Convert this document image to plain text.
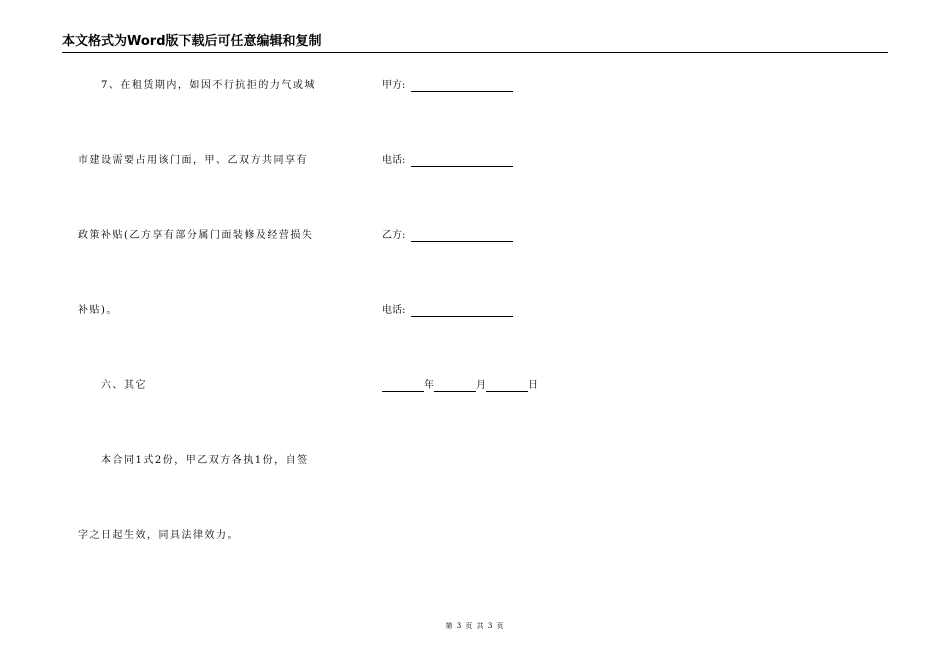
本文格式为Word版下载后可任意编辑和复制
7、在租赁期内，如因不行抗拒的力气或城
市建设需要占用该门面，甲、乙双方共同享有
政策补贴(乙方享有部分属门面装修及经营损失
补贴)。
六、其它
本合同1式2份，甲乙双方各执1份，自签
字之日起生效，同具法律效力。
甲方:
电话:
乙方:
电话:
年	月	日
第 3 页 共 3 页
